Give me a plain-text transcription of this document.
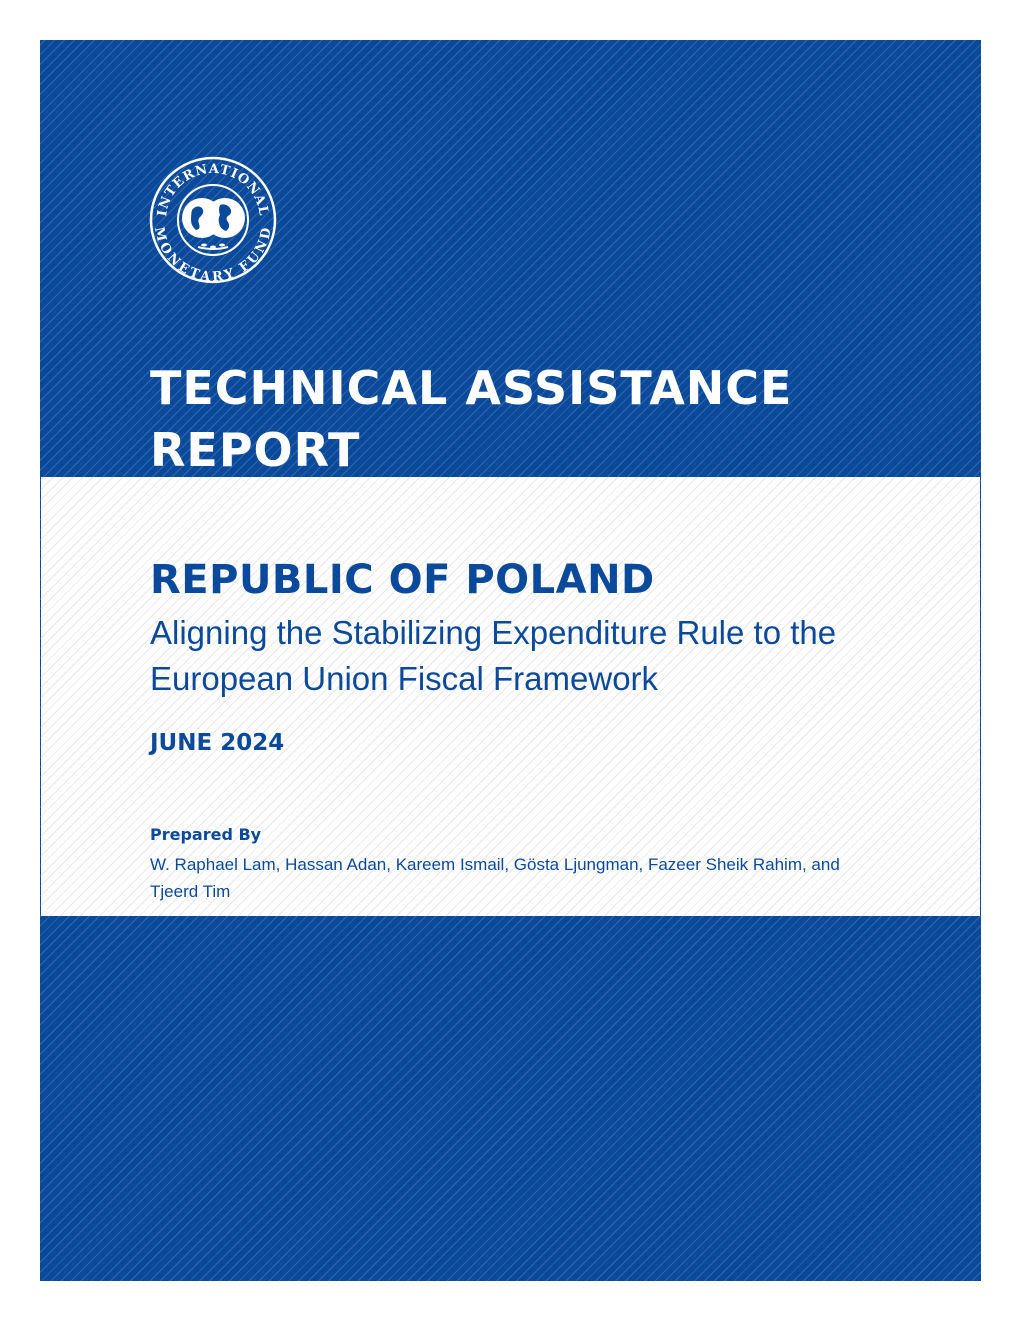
INTERNATIONAL
MONETARY FUND
TECHNICAL ASSISTANCE
REPORT
REPUBLIC OF POLAND

Aligning the Stabilizing Expenditure Rule to the
European Union Fiscal Framework

JUNE 2024

Prepared By

W. Raphael Lam, Hassan Adan, Kareem Ismail, Gösta Ljungman, Fazeer Sheik Rahim, and
Tjeerd Tim
